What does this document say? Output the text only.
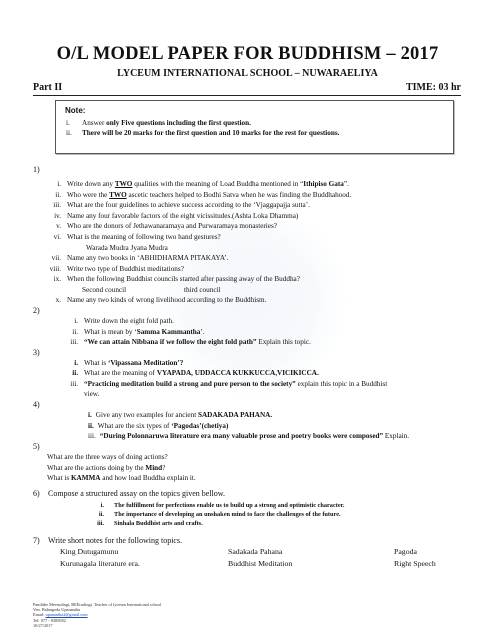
O/L MODEL PAPER FOR BUDDHISM – 2017
LYCEUM INTERNATIONAL SCHOOL – NUWARAELIYA
Part II	TIME: 03 hr
Note:
i. Answer only Five questions including the first question.
ii. There will be 20 marks for the first question and 10 marks for the rest for questions.
1)
i. Write down any TWO qualities with the meaning of Load Buddha mentioned in “Ithipiso Gata”.
ii. Who were the TWO ascetic teachers helped to Bodhi Satva when he was finding the Buddhahood.
iii. What are the four guidelines to achieve success according to the ‘Vjaggapajja sutta’.
iv. Name any four favorable factors of the eight vicissitudes.(Ashta Loka Dhamma)
v. Who are the donors of Jethawanaramaya and Purwaramaya monasteries?
vi. What is the meaning of following two hand gestures?
Warada Mudra Jyana Mudra
vii. Name any two books in ‘ABHIDHARMA PITAKAYA’.
viii. Write two type of Buddhist meditations?
ix. When the following Buddhist councils started after passing away of the Buddha?
Second council	third council
x. Name any two kinds of wrong livelihood according to the Buddhism.
2)
i. Write down the eight fold path.
ii. What is mean by ‘Samma Kammantha’.
iii. “We can attain Nibbana if we follow the eight fold path” Explain this topic.
3)
i. What is ‘Vipassana Meditation’?
ii. What are the meaning of VYAPADA, UDDACCA KUKKUCCA,VICIKICCA.
iii. “Practicing meditation build a strong and pure person to the society” explain this topic in a Buddhist
view.
4)
i. Give any two examples for ancient SADAKADA PAHANA.
ii. What are the six types of ‘Pagodas’(chetiya)
iii. “During Polonnaruwa literature era many valuable prose and poetry books were composed” Explain.
5)
What are the three ways of doing actions?
What are the actions doing by the Mind?
What is KAMMA and how load Buddha explain it.
6) Compose a structured assay on the topics given bellow.
i. The fulfillment for perfections enable us to build up a strong and optimistic character.
ii. The importance of developing an unshaken mind to face the challenges of the future.
iii. Sinhala Buddhist arts and crafts.
7) Write short notes for the following topics.
King Dutugamunu	Sadakada Pahana	Pagoda
Kurunagala literature era.	Buddhist Meditation	Right Speech
Pandithe Meerudingi, BEErudingi. Teacher of lyceum International school
Ven. Balangoda Upanantha
Email: upanantha2@gmail.com
Tel: 077 - 8385082
10/27/2017
